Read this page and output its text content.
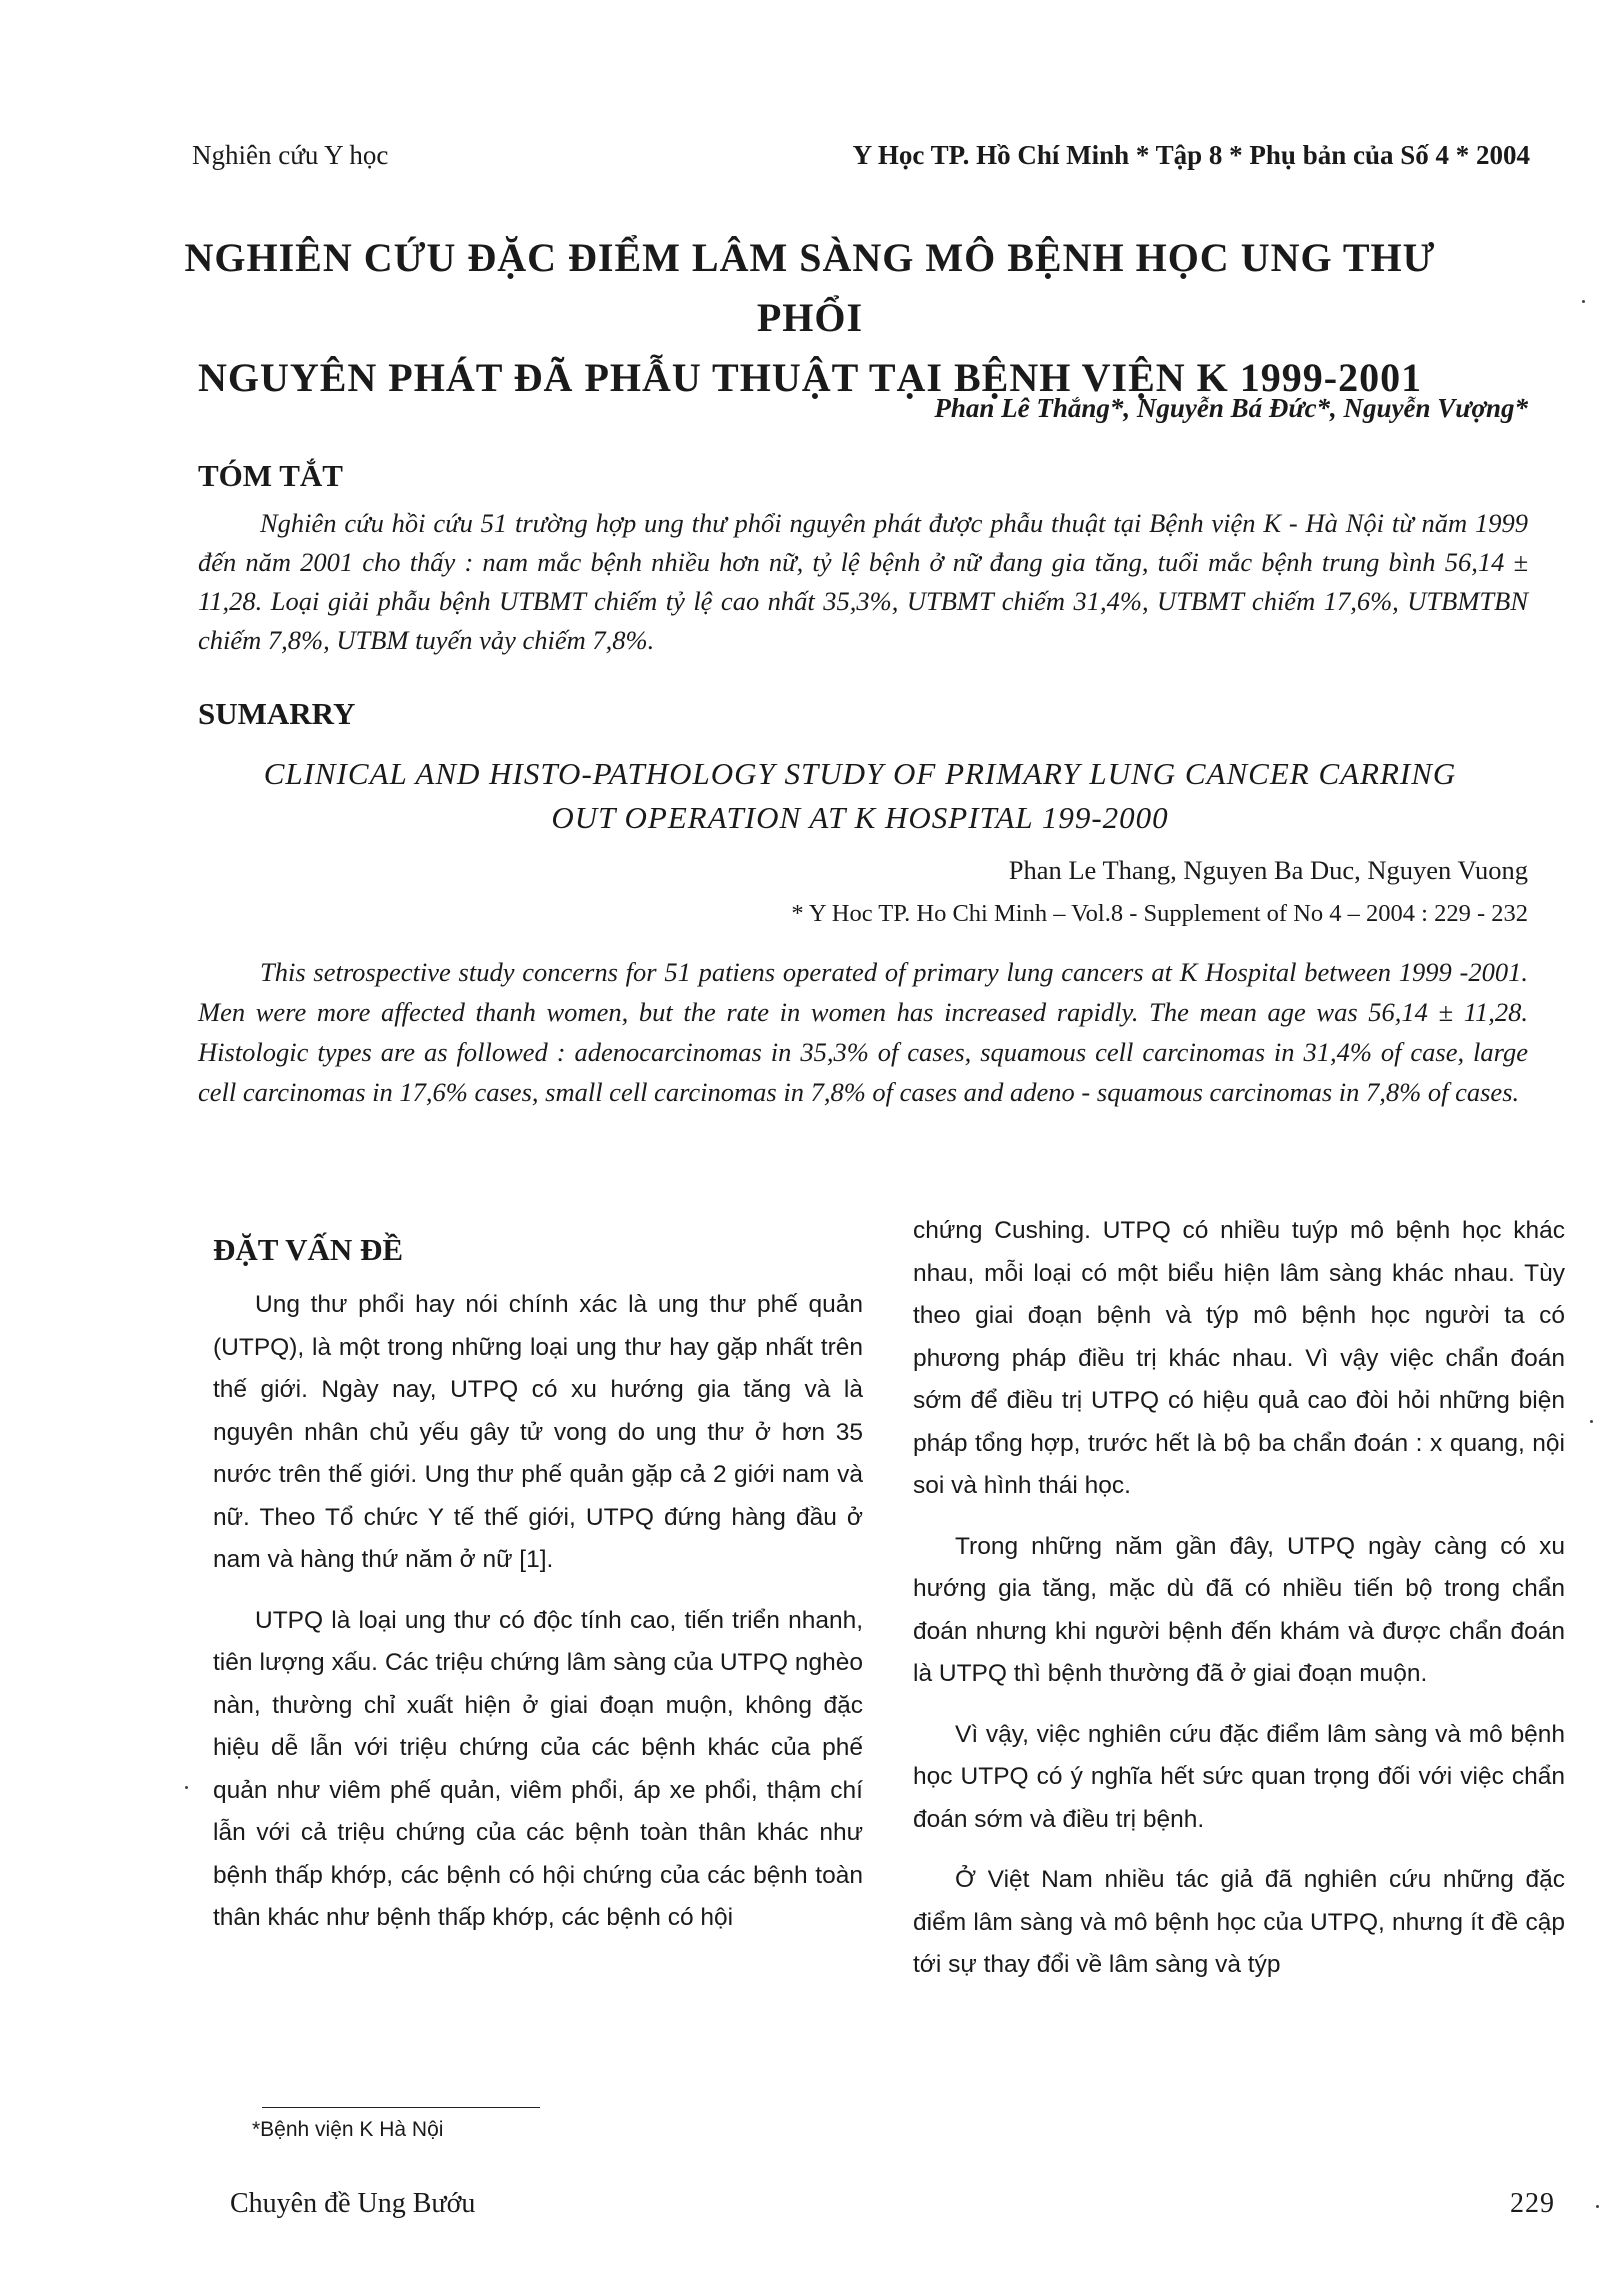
Nghiên cứu Y học	Y Học TP. Hồ Chí Minh * Tập 8 * Phụ bản của Số 4 * 2004
NGHIÊN CỨU ĐẶC ĐIỂM LÂM SÀNG MÔ BỆNH HỌC UNG THƯ PHỔI
NGUYÊN PHÁT ĐÃ PHẪU THUẬT TẠI BỆNH VIỆN K 1999-2001
Phan Lê Thắng*, Nguyễn Bá Đức*, Nguyễn Vượng*
TÓM TẮT
Nghiên cứu hồi cứu 51 trường hợp ung thư phổi nguyên phát được phẫu thuật tại Bệnh viện K - Hà Nội từ năm 1999 đến năm 2001 cho thấy : nam mắc bệnh nhiều hơn nữ, tỷ lệ bệnh ở nữ đang gia tăng, tuổi mắc bệnh trung bình 56,14 ± 11,28. Loại giải phẫu bệnh UTBMT chiếm tỷ lệ cao nhất 35,3%, UTBMT chiếm 31,4%, UTBMT chiếm 17,6%, UTBMTBN chiếm 7,8%, UTBM tuyến vảy chiếm 7,8%.
SUMARRY
CLINICAL AND HISTO-PATHOLOGY STUDY OF PRIMARY LUNG CANCER CARRING
OUT OPERATION AT K HOSPITAL 199-2000
Phan Le Thang, Nguyen Ba Duc, Nguyen Vuong
* Y Hoc TP. Ho Chi Minh – Vol.8 - Supplement of No 4 – 2004 : 229 - 232
This setrospective study concerns for 51 patiens operated of primary lung cancers at K Hospital between 1999 -2001. Men were more affected thanh women, but the rate in women has increased rapidly. The mean age was 56,14 ± 11,28. Histologic types are as followed : adenocarcinomas in 35,3% of cases, squamous cell carcinomas in 31,4% of case, large cell carcinomas in 17,6% cases, small cell carcinomas in 7,8% of cases and adeno - squamous carcinomas in 7,8% of cases.
ĐẶT VẤN ĐỀ

Ung thư phổi hay nói chính xác là ung thư phế quản (UTPQ), là một trong những loại ung thư hay gặp nhất trên thế giới. Ngày nay, UTPQ có xu hướng gia tăng và là nguyên nhân chủ yếu gây tử vong do ung thư ở hơn 35 nước trên thế giới. Ung thư phế quản gặp cả 2 giới nam và nữ. Theo Tổ chức Y tế thế giới, UTPQ đứng hàng đầu ở nam và hàng thứ năm ở nữ [1].

UTPQ là loại ung thư có độc tính cao, tiến triển nhanh, tiên lượng xấu. Các triệu chứng lâm sàng của UTPQ nghèo nàn, thường chỉ xuất hiện ở giai đoạn muộn, không đặc hiệu dễ lẫn với triệu chứng của các bệnh khác của phế quản như viêm phế quản, viêm phổi, áp xe phổi, thậm chí lẫn với cả triệu chứng của các bệnh toàn thân khác như bệnh thấp khớp, các bệnh có hội chứng của các bệnh toàn thân khác như bệnh thấp khớp, các bệnh có hội

chứng Cushing. UTPQ có nhiều tuýp mô bệnh học khác nhau, mỗi loại có một biểu hiện lâm sàng khác nhau. Tùy theo giai đoạn bệnh và týp mô bệnh học người ta có phương pháp điều trị khác nhau. Vì vậy việc chẩn đoán sớm để điều trị UTPQ có hiệu quả cao đòi hỏi những biện pháp tổng hợp, trước hết là bộ ba chẩn đoán : x quang, nội soi và hình thái học.

Trong những năm gần đây, UTPQ ngày càng có xu hướng gia tăng, mặc dù đã có nhiều tiến bộ trong chẩn đoán nhưng khi người bệnh đến khám và được chẩn đoán là UTPQ thì bệnh thường đã ở giai đoạn muộn.

Vì vậy, việc nghiên cứu đặc điểm lâm sàng và mô bệnh học UTPQ có ý nghĩa hết sức quan trọng đối với việc chẩn đoán sớm và điều trị bệnh.

Ở Việt Nam nhiều tác giả đã nghiên cứu những đặc điểm lâm sàng và mô bệnh học của UTPQ, nhưng ít đề cập tới sự thay đổi về lâm sàng và týp

*Bệnh viện K Hà Nội
Chuyên đề Ung Bướu	229
